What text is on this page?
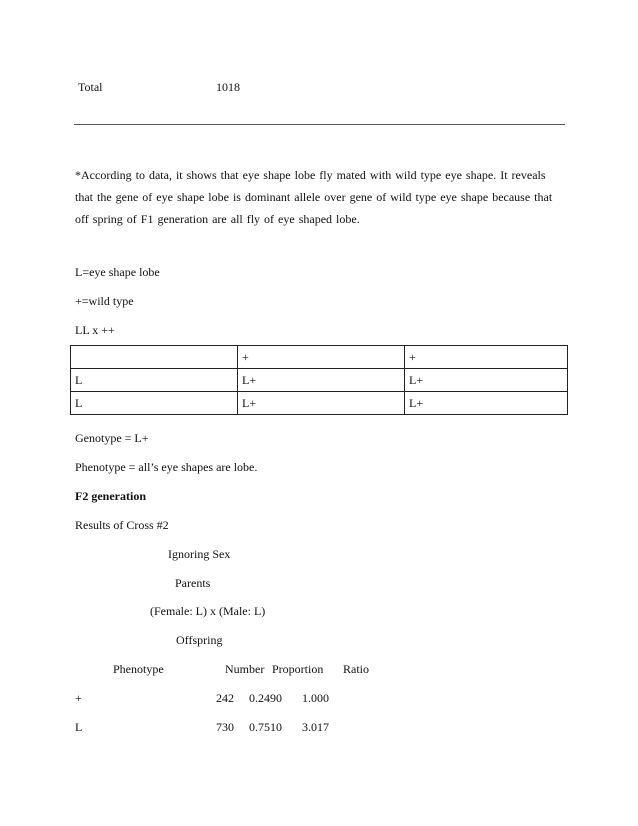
Total	1018
*According to data, it shows that eye shape lobe fly mated with wild type eye shape. It reveals
that the gene of eye shape lobe is dominant allele over gene of wild type eye shape because that
off spring of F1 generation are all fly of eye shaped lobe.
L=eye shape lobe
+=wild type
LL x ++
	+	+
L	L+	L+
L	L+	L+
Genotype = L+
Phenotype = all’s eye shapes are lobe.
F2 generation
Results of Cross #2
Ignoring Sex
Parents
(Female: L) x (Male: L)
Offspring
Phenotype	Number Proportion Ratio
+	242 0.2490 1.000
L	730 0.7510 3.017
